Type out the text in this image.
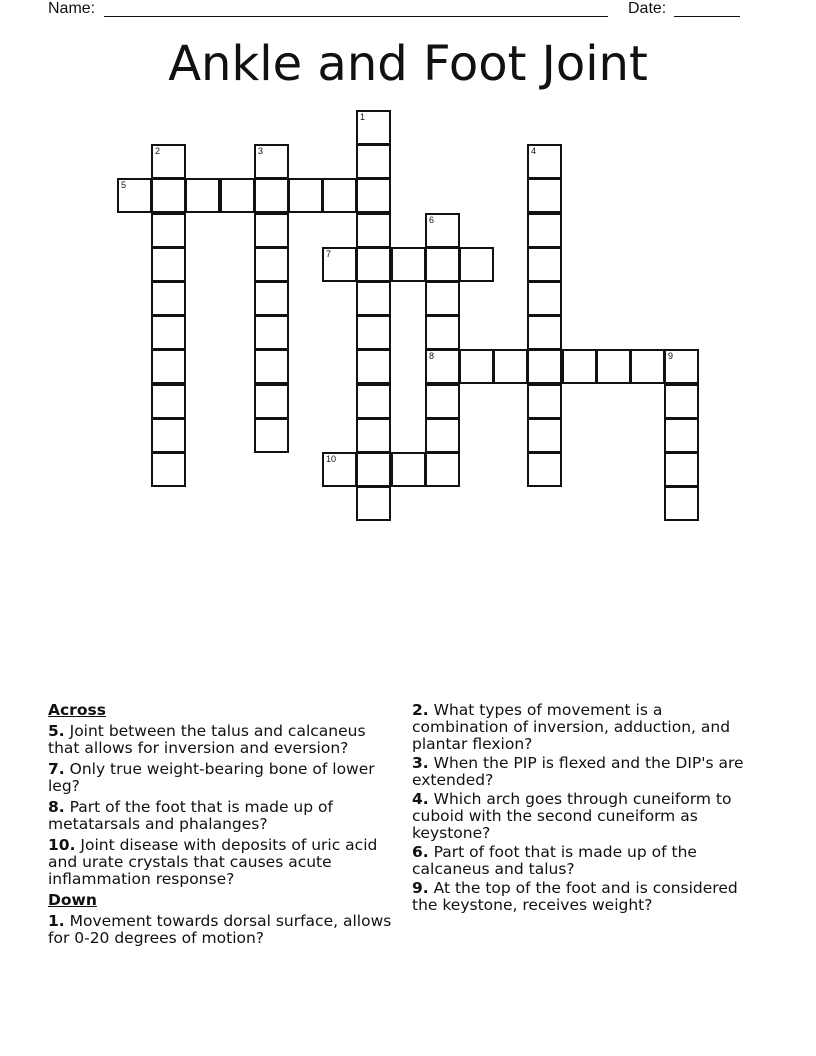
Name:	Date:
Ankle and Foot Joint
1
2	3	4
5
6
8
7
9
10
Across
5. Joint between the talus and calcaneus that allows for inversion and eversion?
7. Only true weight-bearing bone of lower leg?
8. Part of the foot that is made up of metatarsals and phalanges?
10. Joint disease with deposits of uric acid and urate crystals that causes acute inflammation response?
Down
1. Movement towards dorsal surface, allows for 0-20 degrees of motion?
2. What types of movement is a combination of inversion, adduction, and plantar flexion?
3. When the PIP is flexed and the DIP's are extended?
4. Which arch goes through cuneiform to cuboid with the second cuneiform as keystone?
6. Part of foot that is made up of the calcaneus and talus?
9. At the top of the foot and is considered the keystone, receives weight?
